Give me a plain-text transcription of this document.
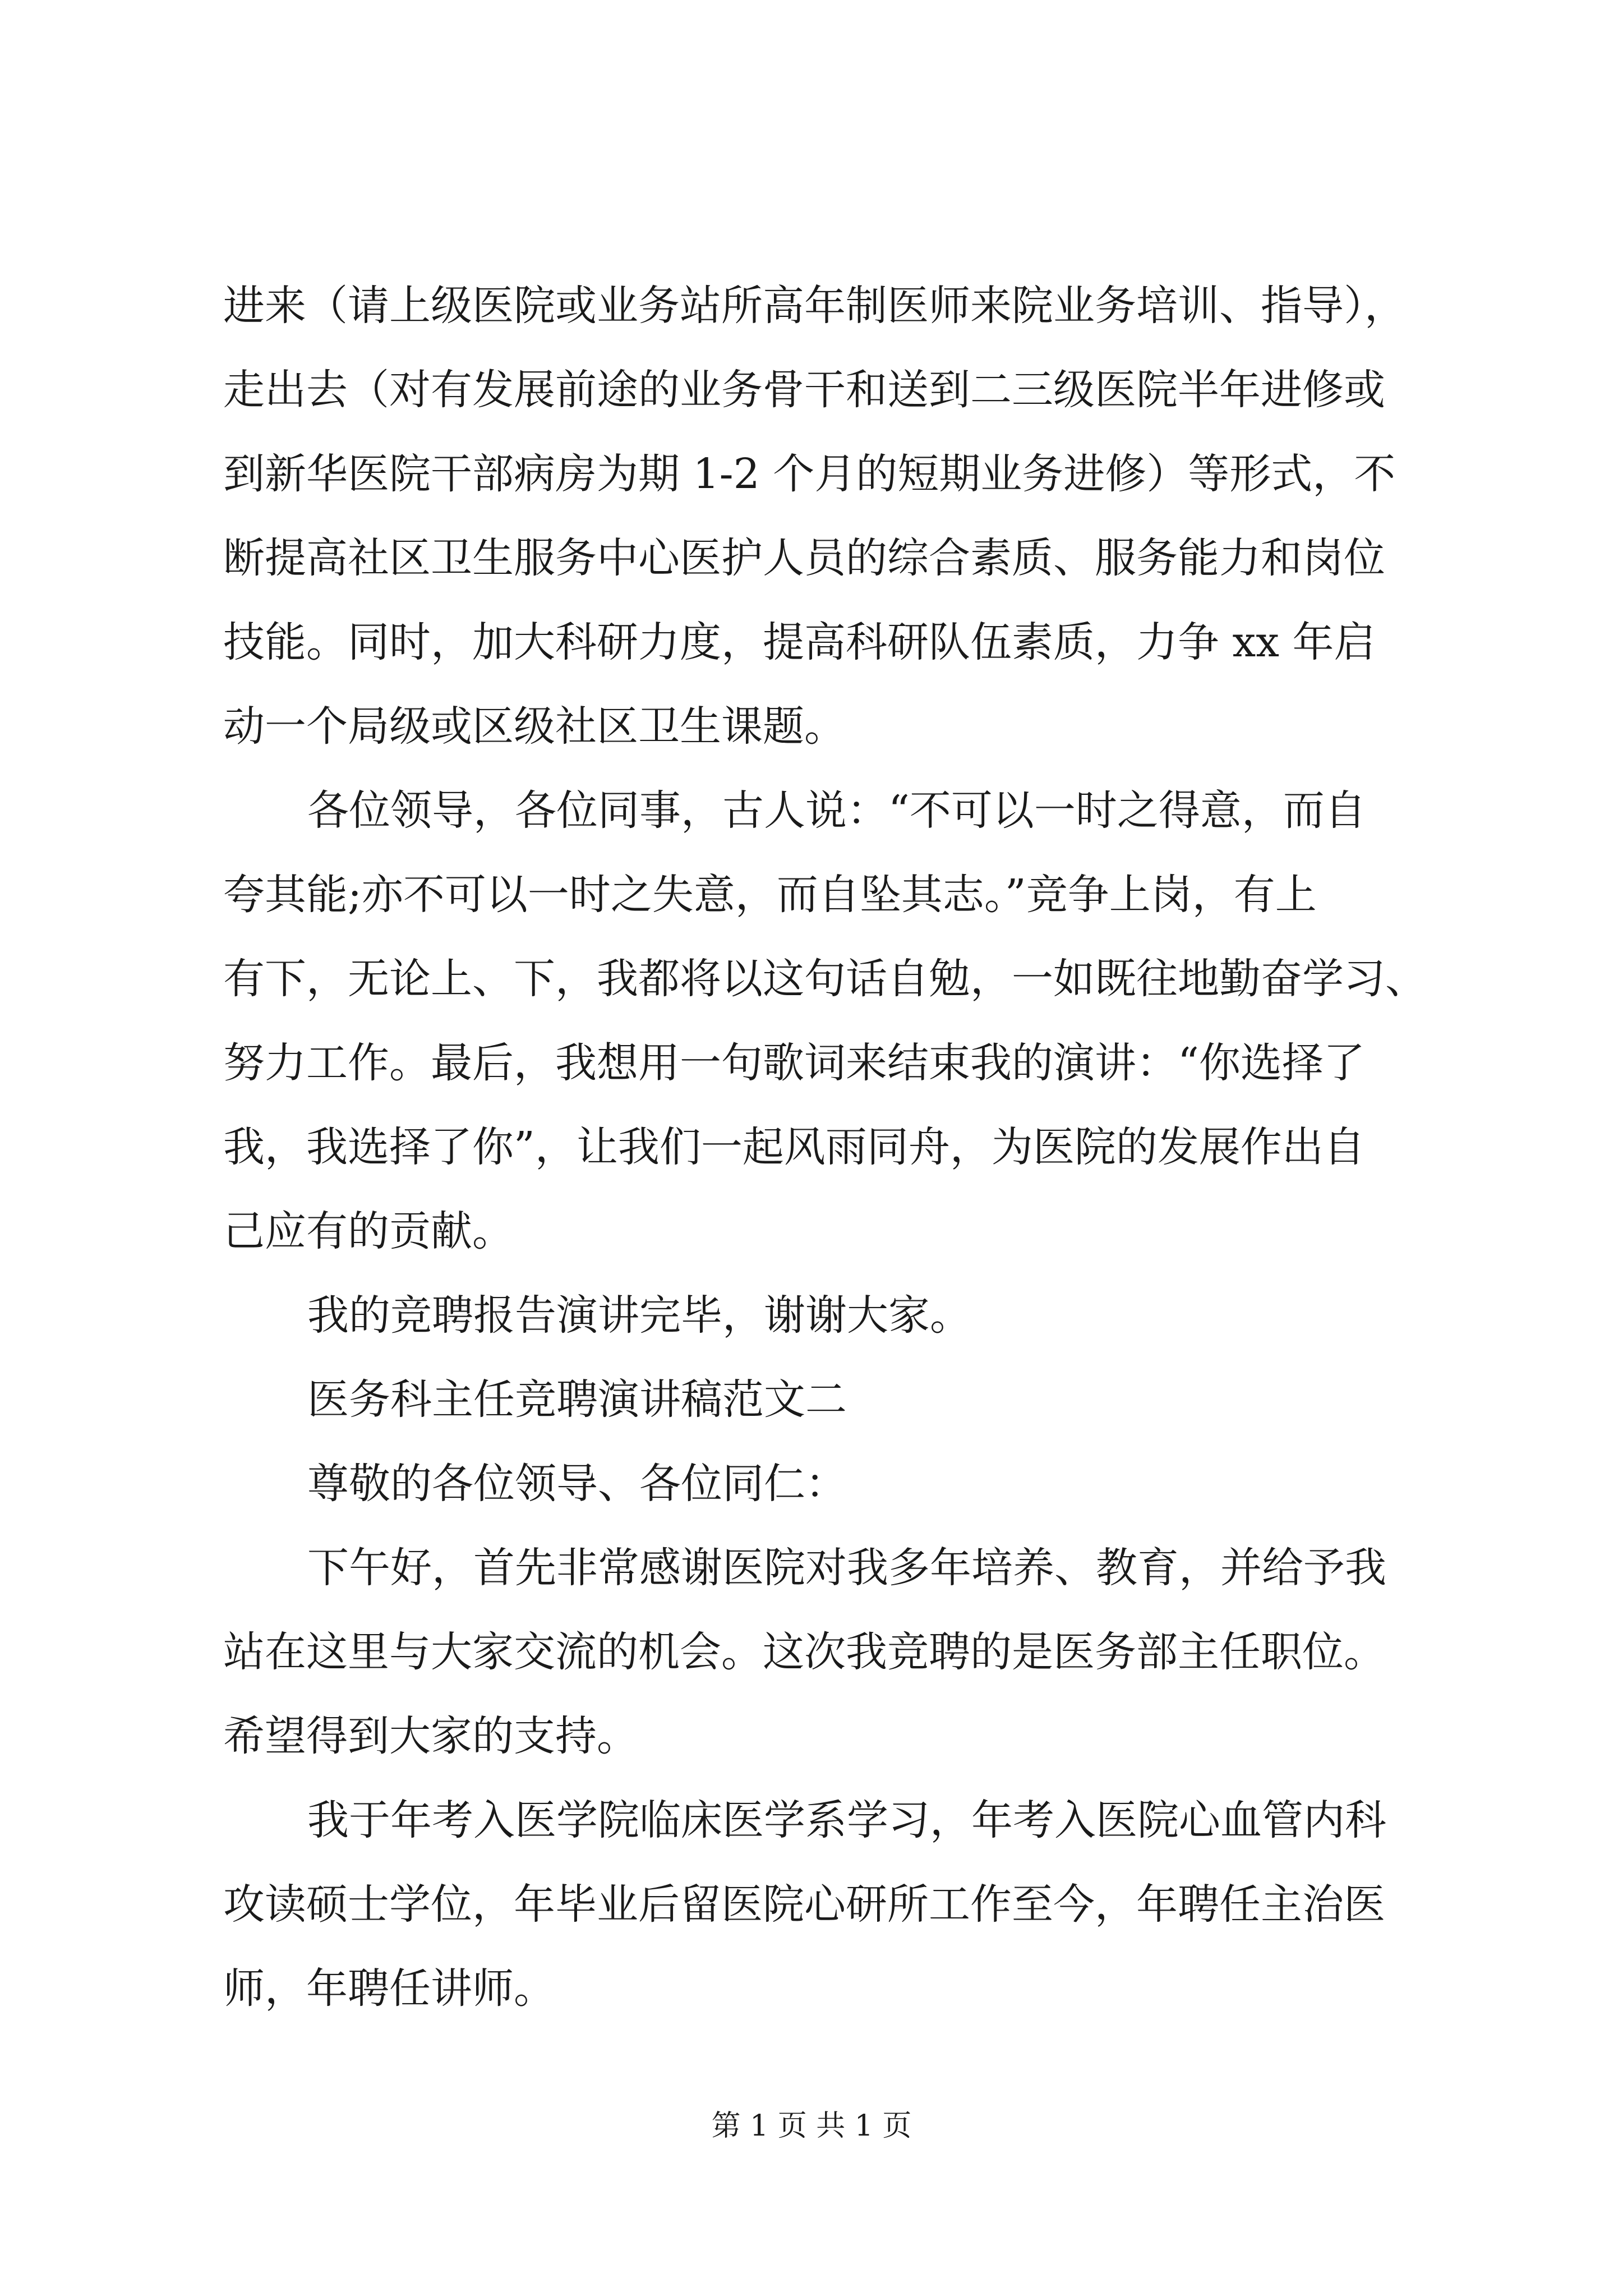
进来（请上级医院或业务站所高年制医师来院业务培训、指导），
走出去（对有发展前途的业务骨干和送到二三级医院半年进修或
到新华医院干部病房为期 1-2 个月的短期业务进修）等形式，不
断提高社区卫生服务中心医护人员的综合素质、服务能力和岗位
技能。同时，加大科研力度，提高科研队伍素质，力争 xx 年启
动一个局级或区级社区卫生课题。
各位领导，各位同事，古人说：“不可以一时之得意，而自
夸其能;亦不可以一时之失意，而自坠其志。”竞争上岗，有上
有下，无论上、下，我都将以这句话自勉，一如既往地勤奋学习、
努力工作。最后，我想用一句歌词来结束我的演讲：“你选择了
我，我选择了你”，让我们一起风雨同舟，为医院的发展作出自
己应有的贡献。
我的竞聘报告演讲完毕，谢谢大家。
医务科主任竞聘演讲稿范文二
尊敬的各位领导、各位同仁：
下午好，首先非常感谢医院对我多年培养、教育，并给予我
站在这里与大家交流的机会。这次我竞聘的是医务部主任职位。
希望得到大家的支持。
我于年考入医学院临床医学系学习，年考入医院心血管内科
攻读硕士学位，年毕业后留医院心研所工作至今，年聘任主治医
师，年聘任讲师。
第 1 页 共 1 页
